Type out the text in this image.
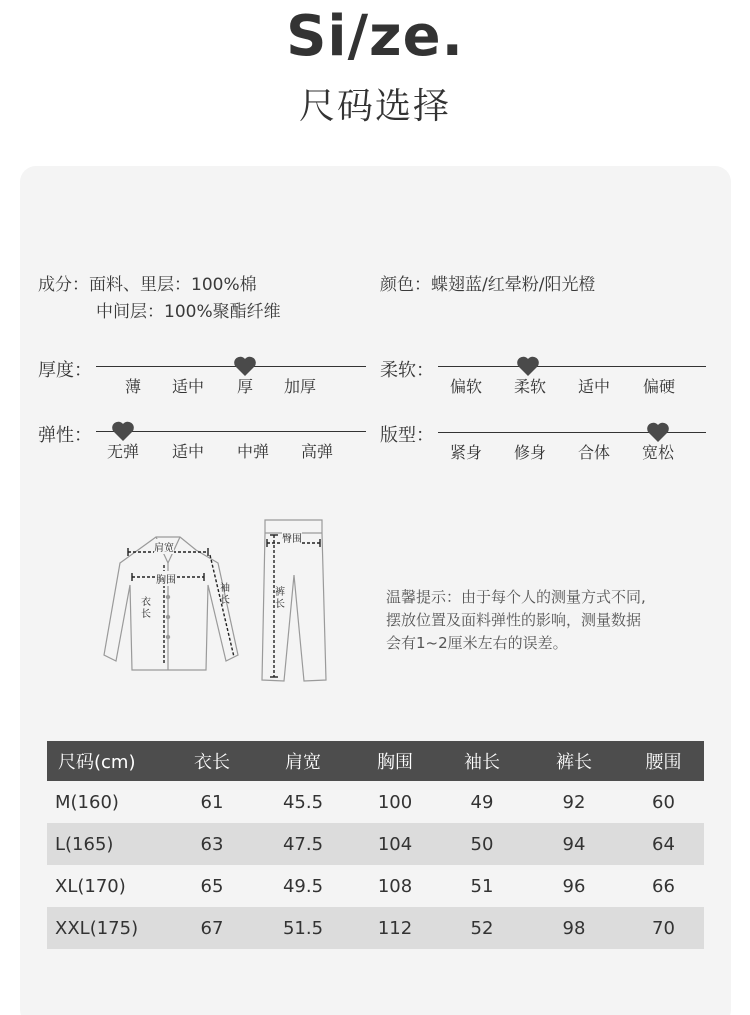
Si/ze.
尺码选择
成分：面料、里层：100%棉
中间层：100%聚酯纤维
颜色：蝶翅蓝/红晕粉/阳光橙
厚度：
薄 适中 厚 加厚
柔软：
偏软 柔软 适中 偏硬
弹性：
无弹 适中 中弹 高弹
版型：
紧身 修身 合体 宽松
肩宽
胸围
衣长
袖长
臀围
裤长	温馨提示：由于每个人的测量方式不同,
摆放位置及面料弹性的影响，测量数据
会有1~2厘米左右的误差。
尺码(cm)	衣长	肩宽	胸围	袖长	裤长	腰围
M(160)	61	45.5	100	49	92	60
L(165)	63	47.5	104	50	94	64
XL(170)	65	49.5	108	51	96	66
XXL(175)	67	51.5	112	52	98	70
